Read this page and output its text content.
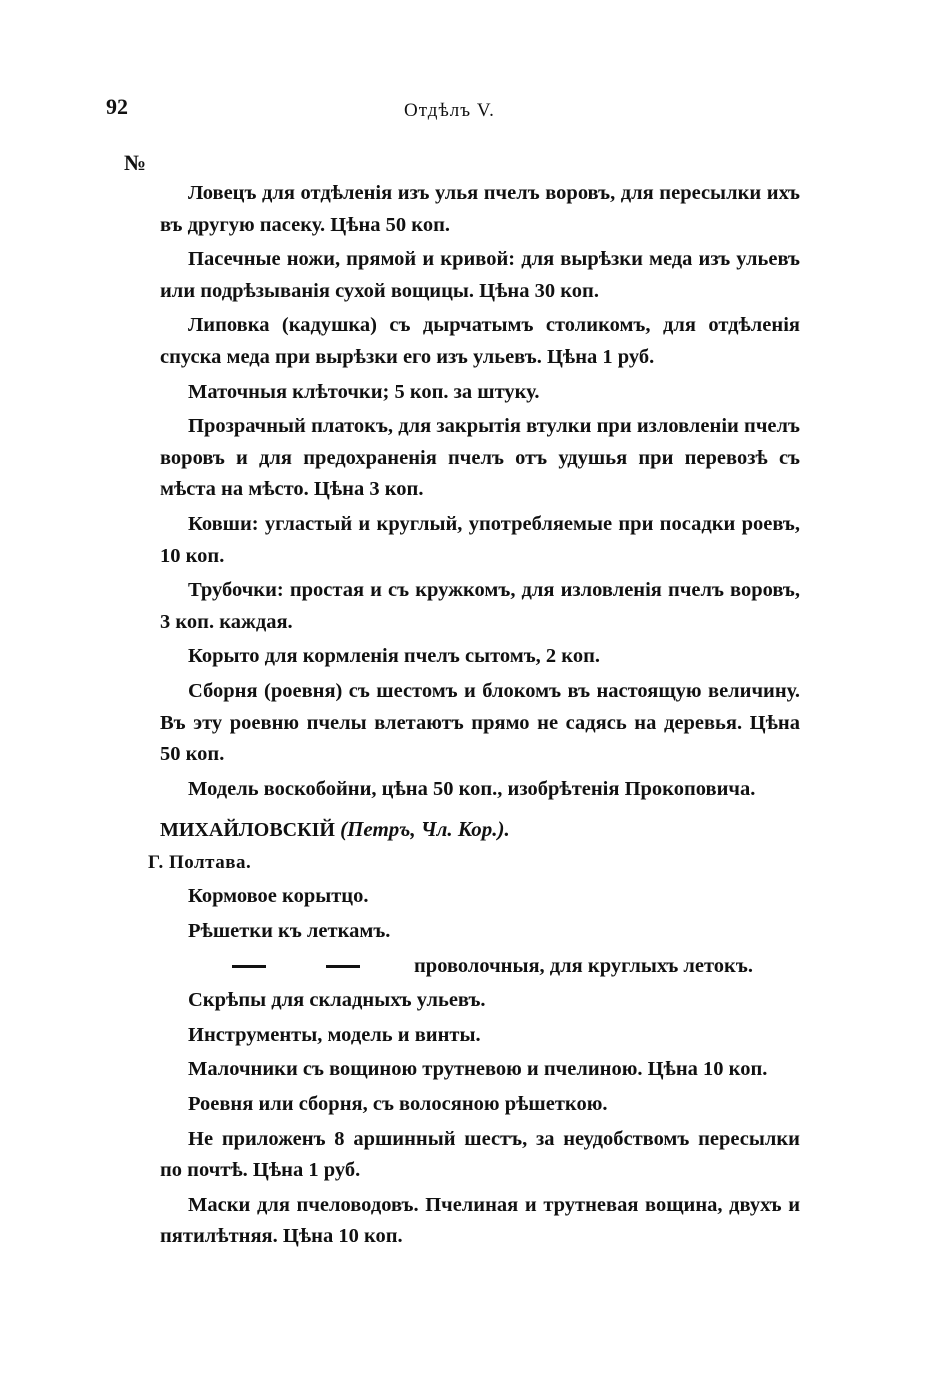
92	Отдѣлъ V.
№

Ловецъ для отдѣленія изъ улья пчелъ воровъ, для пересылки ихъ въ другую пасеку. Цѣна 50 коп.

Пасечные ножи, прямой и кривой: для вырѣзки меда изъ ульевъ или подрѣзыванія сухой вощицы. Цѣна 30 коп.

Липовка (кадушка) съ дырчатымъ столикомъ, для отдѣленія спуска меда при вырѣзки его изъ ульевъ. Цѣна 1 руб.

Маточныя клѣточки; 5 коп. за штуку.

Прозрачный платокъ, для закрытія втулки при изловленіи пчелъ воровъ и для предохраненія пчелъ отъ удушья при перевозѣ съ мѣста на мѣсто. Цѣна 3 коп.

Ковши: угластый и круглый, употребляемые при посадки роевъ, 10 коп.

Трубочки: простая и съ кружкомъ, для изловленія пчелъ воровъ, 3 коп. каждая.

Корыто для кормленія пчелъ сытомъ, 2 коп.

Сборня (роевня) съ шестомъ и блокомъ въ настоящую величину. Въ эту роевню пчелы влетаютъ прямо не садясь на деревья. Цѣна 50 коп.

Модель воскобойни, цѣна 50 коп., изобрѣтенія Прокоповича.

МИХАЙЛОВСКІЙ (Петръ, Чл. Кор.).

Г. Полтава.

Кормовое корытцо.

Рѣшетки къ леткамъ.

проволочныя, для круглыхъ летокъ.

Скрѣпы для складныхъ ульевъ.

Инструменты, модель и винты.

Малочники съ вощиною трутневою и пчелиною. Цѣна 10 коп.

Роевня или сборня, съ волосяною рѣшеткою.

Не приложенъ 8 аршинный шестъ, за неудобствомъ пересылки по почтѣ. Цѣна 1 руб.

Маски для пчеловодовъ. Пчелиная и трутневая вощина, двухъ и пятилѣтняя. Цѣна 10 коп.
